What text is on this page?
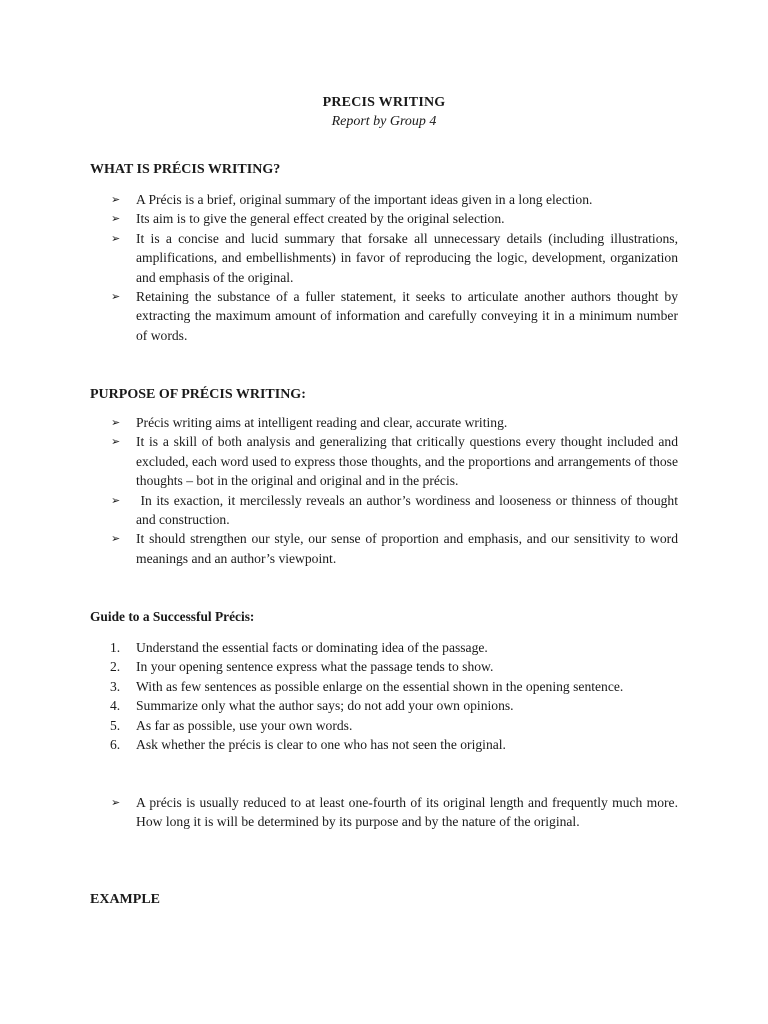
PRECIS WRITING
Report by Group 4
WHAT IS PRÉCIS WRITING?
➢ A Précis is a brief, original summary of the important ideas given in a long election.
➢ Its aim is to give the general effect created by the original selection.
➢ It is a concise and lucid summary that forsake all unnecessary details (including illustrations, amplifications, and embellishments) in favor of reproducing the logic, development, organization and emphasis of the original.
➢ Retaining the substance of a fuller statement, it seeks to articulate another authors thought by extracting the maximum amount of information and carefully conveying it in a minimum number of words.
PURPOSE OF PRÉCIS WRITING:
➢ Précis writing aims at intelligent reading and clear, accurate writing.
➢ It is a skill of both analysis and generalizing that critically questions every thought included and excluded, each word used to express those thoughts, and the proportions and arrangements of those thoughts – bot in the original and original and in the précis.
➢ In its exaction, it mercilessly reveals an author’s wordiness and looseness or thinness of thought and construction.
➢ It should strengthen our style, our sense of proportion and emphasis, and our sensitivity to word meanings and an author’s viewpoint.
Guide to a Successful Précis:
1.	Understand the essential facts or dominating idea of the passage.
2.	In your opening sentence express what the passage tends to show.
3.	With as few sentences as possible enlarge on the essential shown in the opening sentence.
4.	Summarize only what the author says; do not add your own opinions.
5.	As far as possible, use your own words.
6.	Ask whether the précis is clear to one who has not seen the original.
➢ A précis is usually reduced to at least one-fourth of its original length and frequently much more. How long it is will be determined by its purpose and by the nature of the original.
EXAMPLE
